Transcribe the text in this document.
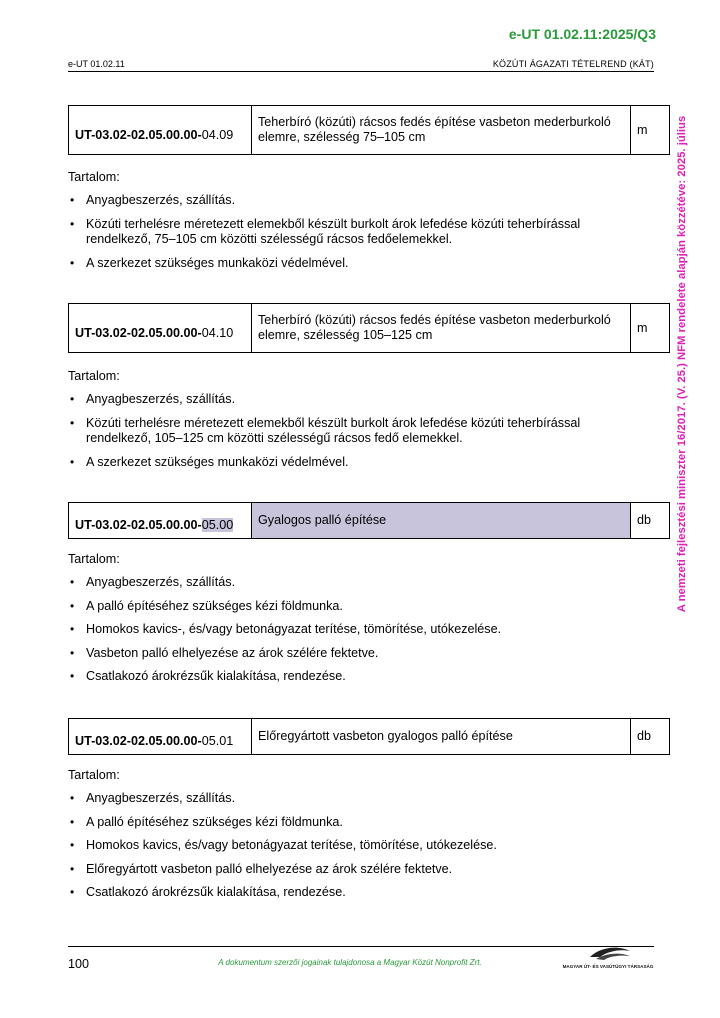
e-UT 01.02.11:2025/Q3
e-UT 01.02.11	KÖZÚTI ÁGAZATI TÉTELREND (KÁT)
A nemzeti fejlesztési miniszter 16/2017. (V. 25.) NFM rendelete alapján közzétéve: 2025. július
UT-03.02-02.05.00.00-04.09	Teherbíró (közúti) rácsos fedés építése vasbeton mederburkoló elemre, szélesség 75–105 cm	m
Tartalom:
• Anyagbeszerzés, szállítás.
• Közúti terhelésre méretezett elemekből készült burkolt árok lefedése közúti teherbírással rendelkező, 75–105 cm közötti szélességű rácsos fedőelemekkel.
• A szerkezet szükséges munkaközi védelmével.
UT-03.02-02.05.00.00-04.10	Teherbíró (közúti) rácsos fedés építése vasbeton mederburkoló elemre, szélesség 105–125 cm	m
Tartalom:
• Anyagbeszerzés, szállítás.
• Közúti terhelésre méretezett elemekből készült burkolt árok lefedése közúti teherbírással rendelkező, 105–125 cm közötti szélességű rácsos fedő elemekkel.
• A szerkezet szükséges munkaközi védelmével.
UT-03.02-02.05.00.00-05.00	Gyalogos palló építése	db
Tartalom:
• Anyagbeszerzés, szállítás.
• A palló építéséhez szükséges kézi földmunka.
• Homokos kavics-, és/vagy betonágyazat terítése, tömörítése, utókezelése.
• Vasbeton palló elhelyezése az árok szélére fektetve.
• Csatlakozó árokrézsűk kialakítása, rendezése.
UT-03.02-02.05.00.00-05.01	Előregyártott vasbeton gyalogos palló építése	db
Tartalom:
• Anyagbeszerzés, szállítás.
• A palló építéséhez szükséges kézi földmunka.
• Homokos kavics, és/vagy betonágyazat terítése, tömörítése, utókezelése.
• Előregyártott vasbeton palló elhelyezése az árok szélére fektetve.
• Csatlakozó árokrézsűk kialakítása, rendezése.
100	A dokumentum szerzői jogainak tulajdonosa a Magyar Közút Nonprofit Zrt.	MAGYAR ÚT- ÉS VASÚTÜGYI TÁRSASÁG
